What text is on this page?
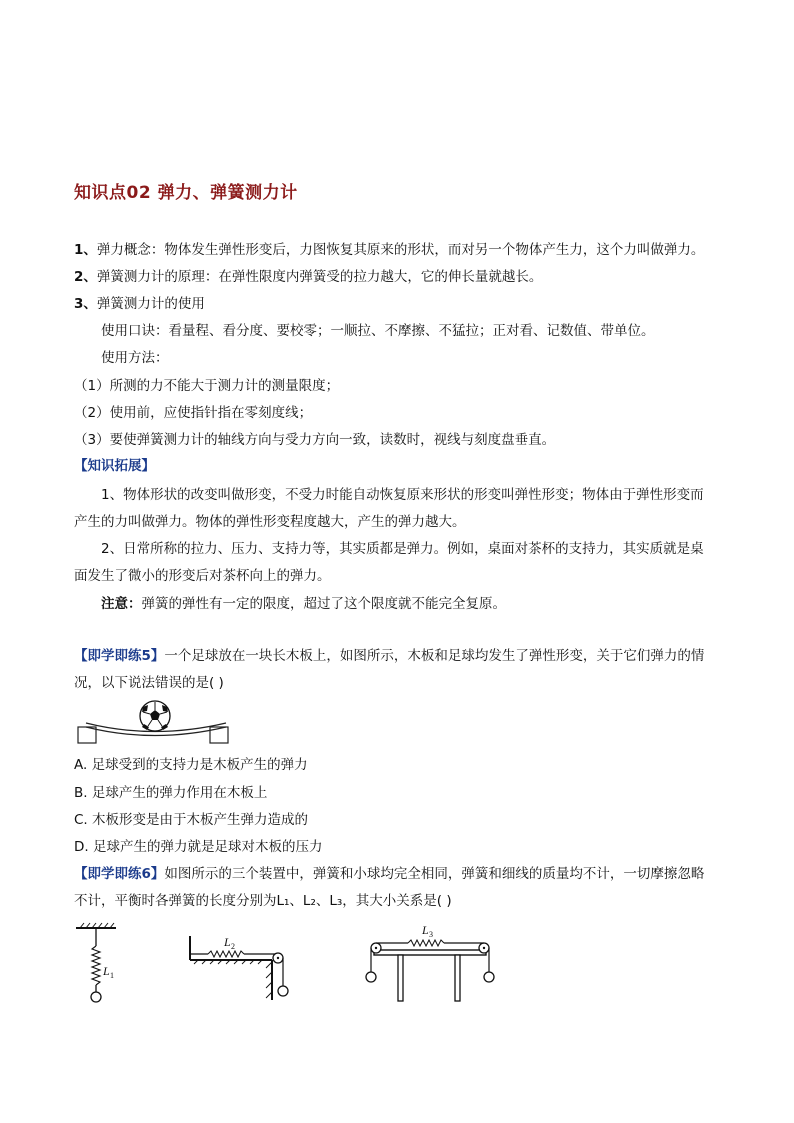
知识点02 弹力、弹簧测力计
1、弹力概念：物体发生弹性形变后，力图恢复其原来的形状，而对另一个物体产生力，这个力叫做弹力。
2、弹簧测力计的原理：在弹性限度内弹簧受的拉力越大，它的伸长量就越长。
3、弹簧测力计的使用
使用口诀：看量程、看分度、要校零；一顺拉、不摩擦、不猛拉；正对看、记数值、带单位。
使用方法：
（1）所测的力不能大于测力计的测量限度；
（2）使用前，应使指针指在零刻度线；
（3）要使弹簧测力计的轴线方向与受力方向一致，读数时，视线与刻度盘垂直。
【知识拓展】
1、物体形状的改变叫做形变，不受力时能自动恢复原来形状的形变叫弹性形变；物体由于弹性形变而
产生的力叫做弹力。物体的弹性形变程度越大，产生的弹力越大。
2、日常所称的拉力、压力、支持力等，其实质都是弹力。例如，桌面对茶杯的支持力，其实质就是桌
面发生了微小的形变后对茶杯向上的弹力。
注意：弹簧的弹性有一定的限度，超过了这个限度就不能完全复原。
【即学即练5】一个足球放在一块长木板上，如图所示，木板和足球均发生了弹性形变，关于它们弹力的情
况，以下说法错误的是( )
A. 足球受到的支持力是木板产生的弹力
B. 足球产生的弹力作用在木板上
C. 木板形变是由于木板产生弹力造成的
D. 足球产生的弹力就是足球对木板的压力
【即学即练6】如图所示的三个装置中，弹簧和小球均完全相同，弹簧和细线的质量均不计，一切摩擦忽略
不计，平衡时各弹簧的长度分别为L₁、L₂、L₃，其大小关系是( )
L 1
L 2
L 3
